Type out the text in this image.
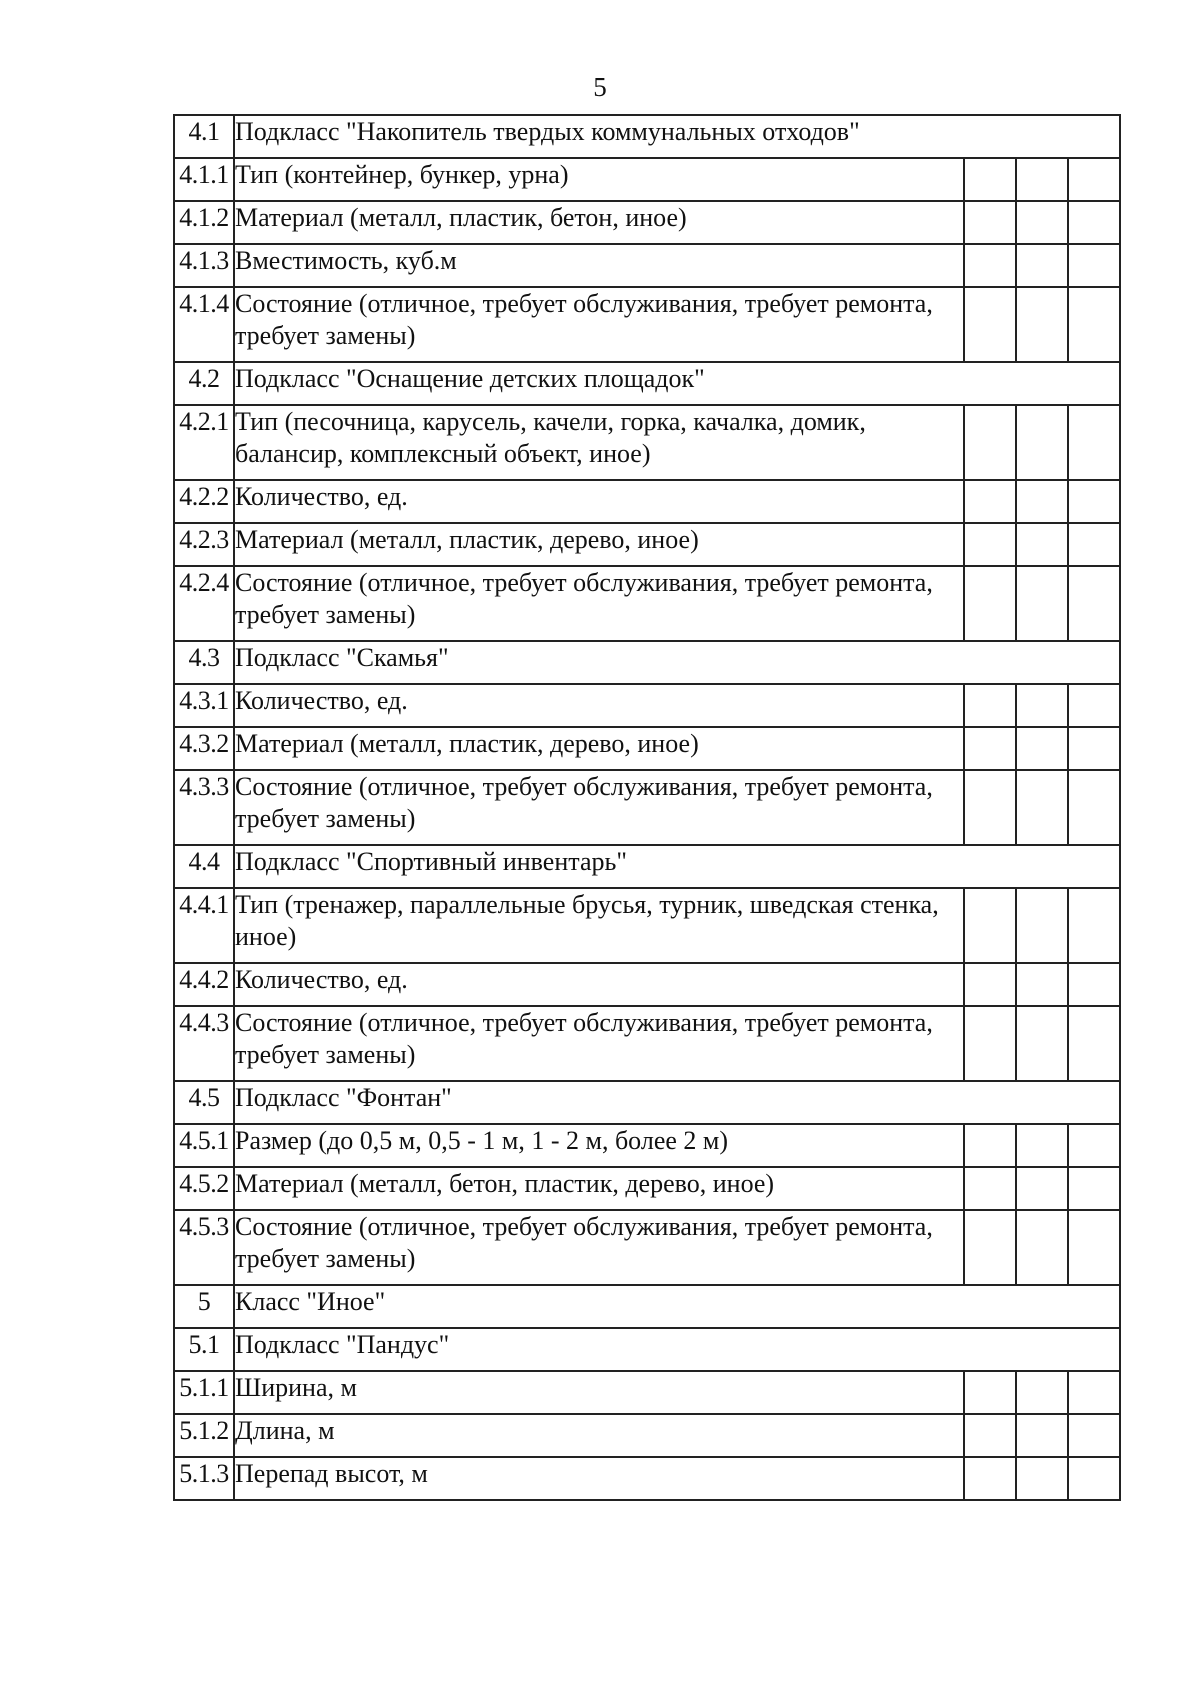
5
4.1	Подкласс "Накопитель твердых коммунальных отходов"			
4.1.1	Тип (контейнер, бункер, урна)			
4.1.2	Материал (металл, пластик, бетон, иное)			
4.1.3	Вместимость, куб.м			
4.1.4	Состояние (отличное, требует обслуживания, требует ремонта, требует замены)			
4.2	Подкласс "Оснащение детских площадок"			
4.2.1	Тип (песочница, карусель, качели, горка, качалка, домик, балансир, комплексный объект, иное)			
4.2.2	Количество, ед.			
4.2.3	Материал (металл, пластик, дерево, иное)			
4.2.4	Состояние (отличное, требует обслуживания, требует ремонта, требует замены)			
4.3	Подкласс "Скамья"			
4.3.1	Количество, ед.			
4.3.2	Материал (металл, пластик, дерево, иное)			
4.3.3	Состояние (отличное, требует обслуживания, требует ремонта, требует замены)			
4.4	Подкласс "Спортивный инвентарь"			
4.4.1	Тип (тренажер, параллельные брусья, турник, шведская стенка, иное)			
4.4.2	Количество, ед.			
4.4.3	Состояние (отличное, требует обслуживания, требует ремонта, требует замены)			
4.5	Подкласс "Фонтан"			
4.5.1	Размер (до 0,5 м, 0,5 - 1 м, 1 - 2 м, более 2 м)			
4.5.2	Материал (металл, бетон, пластик, дерево, иное)			
4.5.3	Состояние (отличное, требует обслуживания, требует ремонта, требует замены)			
5	Класс "Иное"			
5.1	Подкласс "Пандус"			
5.1.1	Ширина, м			
5.1.2	Длина, м			
5.1.3	Перепад высот, м			
